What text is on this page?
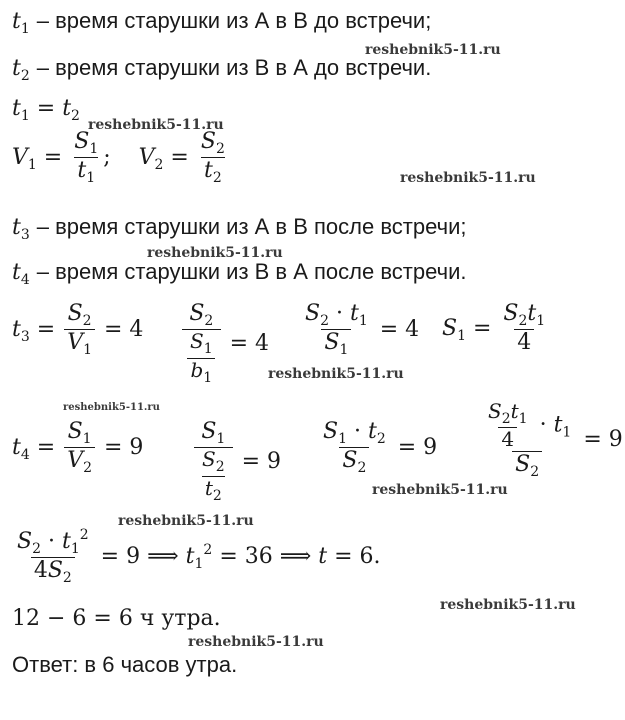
$t_1$ – время старушки из А в В до встречи;
$t_2$ – время старушки из В в А до встречи.
$t_1 = t_2$
$V_1 = \frac{S_1}{t_1}$ ;    $V_2 = \frac{S_2}{t_2}$
$t_3$ – время старушки из А в В после встречи;
$t_4$ – время старушки из В в А после встречи.
$t_3 = \frac{S_2}{V_1} = 4 \frac{S_2}{\frac{S_1}{b_1}} = 4 \frac{S_2 \cdot t_1}{S_1} = 4$ $S_1 = \frac{S_2t_1}{4}$
$t_4 = \frac{S_1}{V_2} = 9 \frac{S_1}{\frac{S_2}{t_2}} = 9 \frac{S_1 \cdot t_2}{S_2} = 9 \frac{\frac{S_2t_1}{4} \cdot t_1}{S_2} = 9$
$\frac{S_2 \cdot t_1^2}{4S_2} = 9$ ⟹ $t_1^2 = 36$ ⟹ t = 6.
12 − 6 = 6 ч утра.
Ответ: в 6 часов утра.
reshebnik5-11.ru
reshebnik5-11.ru
reshebnik5-11.ru
reshebnik5-11.ru
reshebnik5-11.ru
reshebnik5-11.ru
reshebnik5-11.ru
reshebnik5-11.ru
reshebnik5-11.ru
reshebnik5-11.ru
